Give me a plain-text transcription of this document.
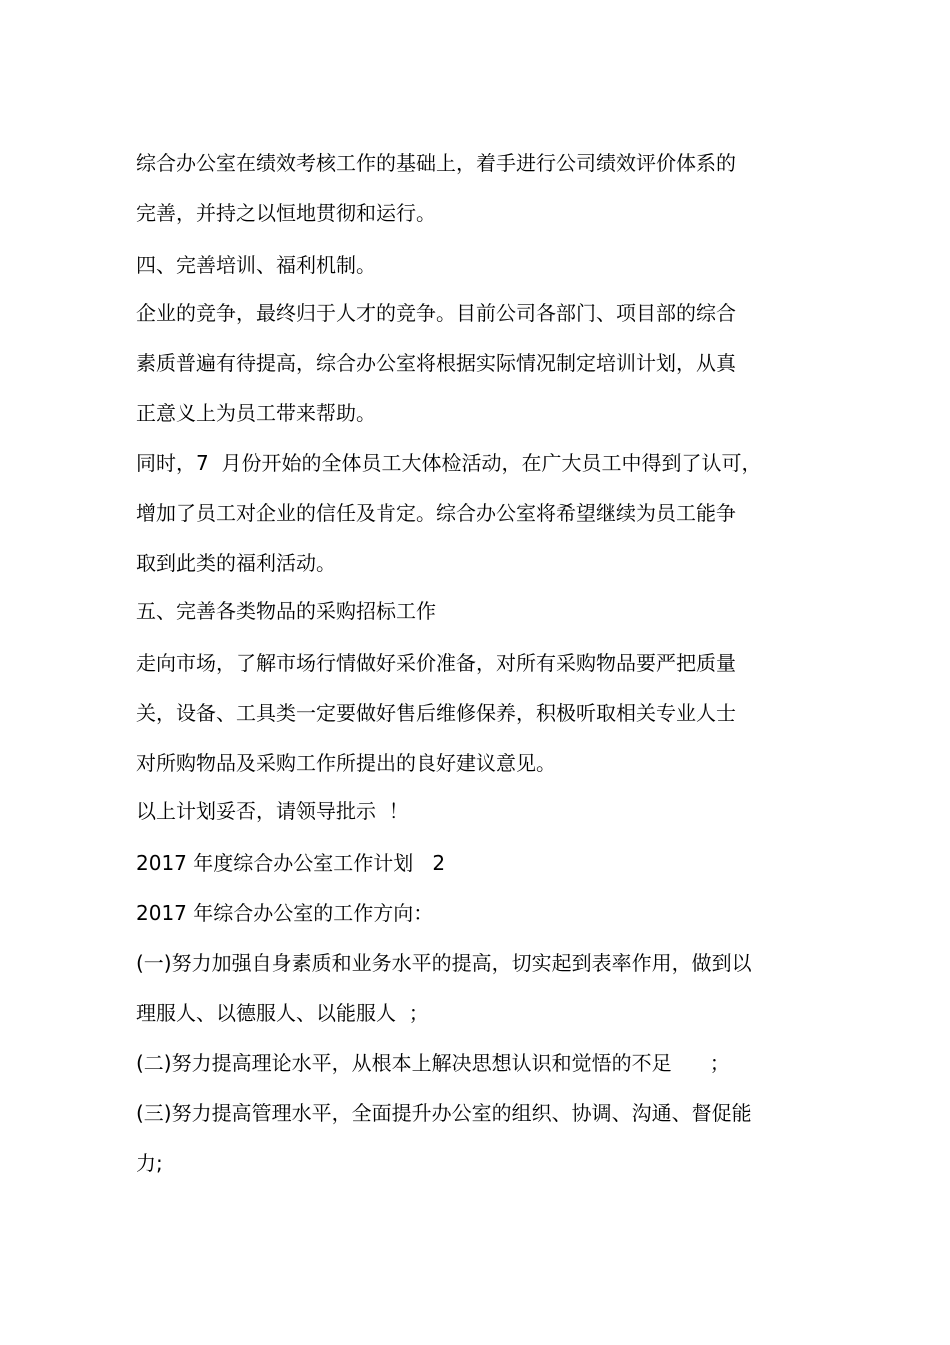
综合办公室在绩效考核工作的基础上，着手进行公司绩效评价体系的
完善，并持之以恒地贯彻和运行。
四、完善培训、福利机制。
企业的竞争，最终归于人才的竞争。目前公司各部门、项目部的综合
素质普遍有待提高，综合办公室将根据实际情况制定培训计划，从真
正意义上为员工带来帮助。
同时，7  月份开始的全体员工大体检活动，在广大员工中得到了认可，
增加了员工对企业的信任及肯定。综合办公室将希望继续为员工能争
取到此类的福利活动。
五、完善各类物品的采购招标工作
走向市场，了解市场行情做好采价准备，对所有采购物品要严把质量
关，设备、工具类一定要做好售后维修保养，积极听取相关专业人士
对所购物品及采购工作所提出的良好建议意见。
以上计划妥否，请领导批示  ！
2017 年度综合办公室工作计划   2
2017 年综合办公室的工作方向：
(一)努力加强自身素质和业务水平的提高，切实起到表率作用，做到以
理服人、以德服人、以能服人  ；
(二)努力提高理论水平，从根本上解决思想认识和觉悟的不足      ；
(三)努力提高管理水平，全面提升办公室的组织、协调、沟通、督促能
力;
